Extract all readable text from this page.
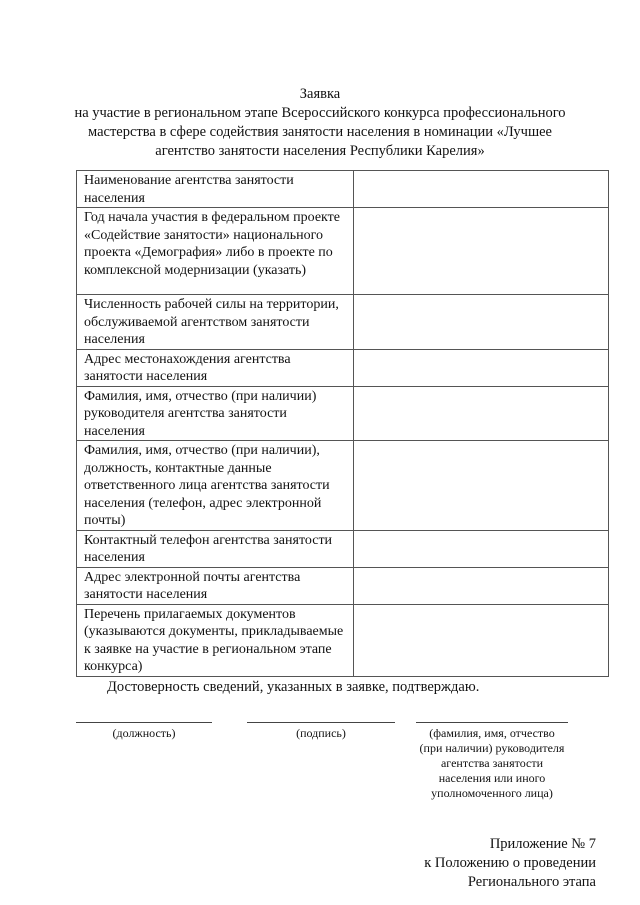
Заявка
на участие в региональном этапе Всероссийского конкурса профессионального
мастерства в сфере содействия занятости населения в номинации «Лучшее
агентство занятости населения Республики Карелия»
Наименование агентства занятости населения	
Год начала участия в федеральном проекте «Содействие занятости» национального проекта «Демография» либо в проекте по комплексной модернизации (указать)	
Численность рабочей силы на территории, обслуживаемой агентством занятости населения	
Адрес местонахождения агентства занятости населения	
Фамилия, имя, отчество (при наличии) руководителя агентства занятости населения	
Фамилия, имя, отчество (при наличии), должность, контактные данные ответственного лица агентства занятости населения (телефон, адрес электронной почты)	
Контактный телефон агентства занятости населения	
Адрес электронной почты агентства занятости населения	
Перечень прилагаемых документов (указываются документы, прикладываемые к заявке на участие в региональном этапе конкурса)	
Достоверность сведений, указанных в заявке, подтверждаю.
(должность)	(подпись)	(фамилия, имя, отчество
(при наличии) руководителя
агентства занятости
населения или иного
уполномоченного лица)
Приложение № 7
к Положению о проведении
Регионального этапа
